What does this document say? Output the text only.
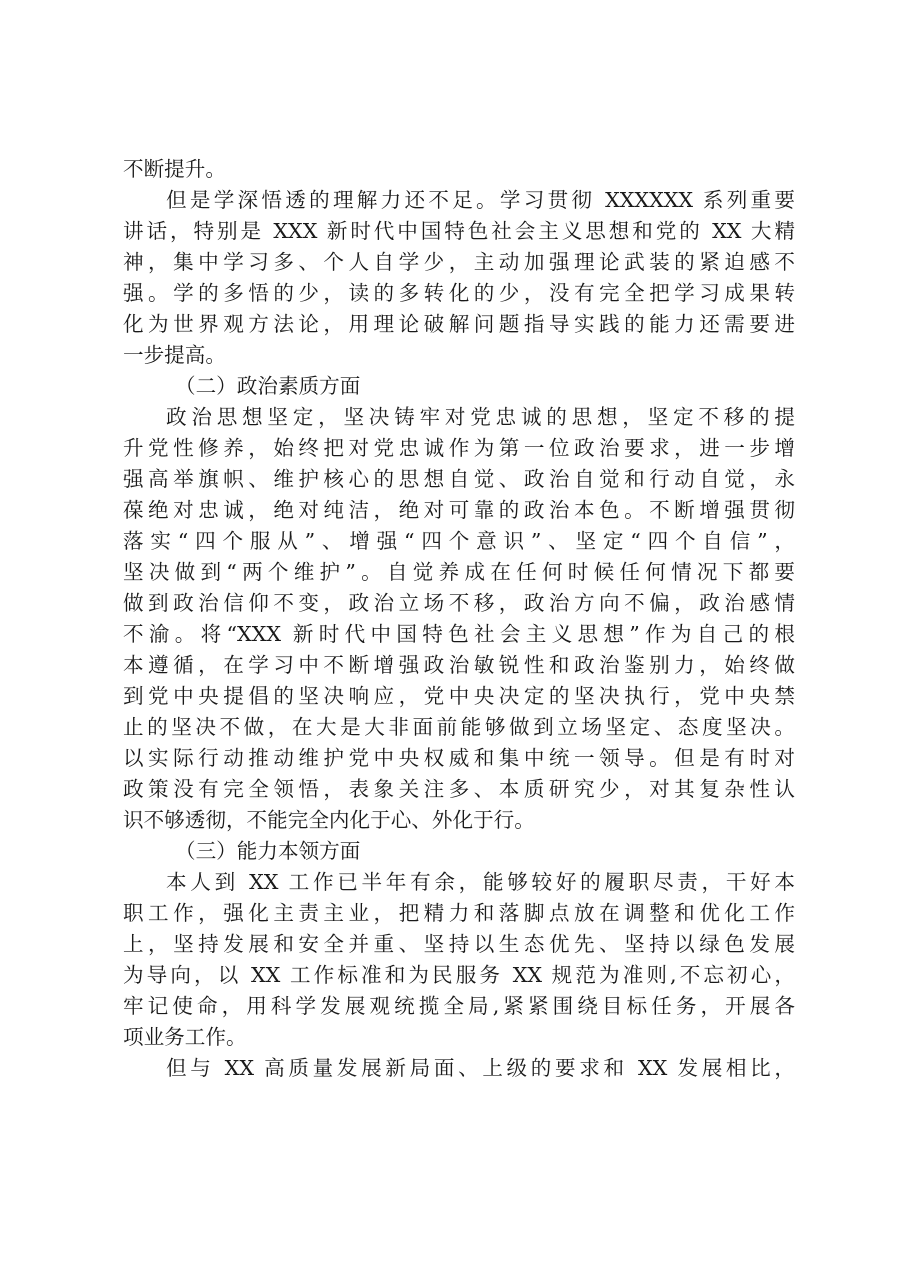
不断提升。
但是学深悟透的理解力还不足。学习贯彻 XXXXXX 系列重要
讲话，特别是 XXX 新时代中国特色社会主义思想和党的 XX 大精
神，集中学习多、个人自学少，主动加强理论武装的紧迫感不
强。学的多悟的少，读的多转化的少，没有完全把学习成果转
化为世界观方法论，用理论破解问题指导实践的能力还需要进
一步提高。
（二）政治素质方面
政治思想坚定，坚决铸牢对党忠诚的思想，坚定不移的提
升党性修养，始终把对党忠诚作为第一位政治要求，进一步增
强高举旗帜、维护核心的思想自觉、政治自觉和行动自觉，永
葆绝对忠诚，绝对纯洁，绝对可靠的政治本色。不断增强贯彻
落实“四个服从”、增强“四个意识”、坚定“四个自信”，
坚决做到“两个维护”。自觉养成在任何时候任何情况下都要
做到政治信仰不变，政治立场不移，政治方向不偏，政治感情
不渝。将“XXX 新时代中国特色社会主义思想”作为自己的根
本遵循，在学习中不断增强政治敏锐性和政治鉴别力，始终做
到党中央提倡的坚决响应，党中央决定的坚决执行，党中央禁
止的坚决不做，在大是大非面前能够做到立场坚定、态度坚决。
以实际行动推动维护党中央权威和集中统一领导。但是有时对
政策没有完全领悟，表象关注多、本质研究少，对其复杂性认
识不够透彻，不能完全内化于心、外化于行。
（三）能力本领方面
本人到 XX 工作已半年有余，能够较好的履职尽责，干好本
职工作，强化主责主业，把精力和落脚点放在调整和优化工作
上，坚持发展和安全并重、坚持以生态优先、坚持以绿色发展
为导向，以 XX 工作标准和为民服务 XX 规范为准则,不忘初心，
牢记使命，用科学发展观统揽全局,紧紧围绕目标任务，开展各
项业务工作。
但与 XX 高质量发展新局面、上级的要求和 XX 发展相比，
